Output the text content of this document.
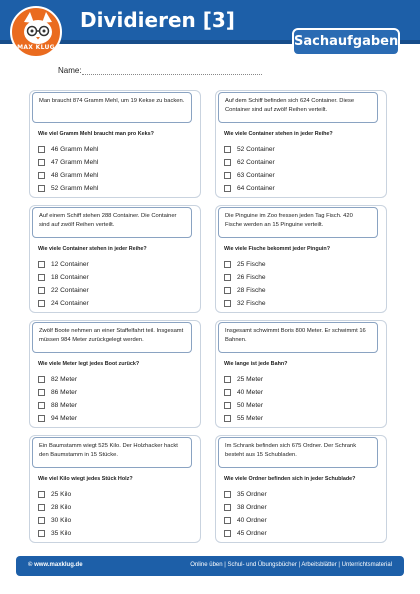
MAX KLUG
Dividieren [3]
Sachaufgaben
Name:
Man braucht 874 Gramm Mehl, um 19 Kekse zu backen.
Wie viel Gramm Mehl braucht man pro Keks?
46 Gramm Mehl
47 Gramm Mehl
48 Gramm Mehl
52 Gramm Mehl
Auf dem Schiff befinden sich 624 Container. Diese Container sind auf zwölf Reihen verteilt.
Wie viele Container stehen in jeder Reihe?
52 Container
62 Container
63 Container
64 Container
Auf einem Schiff stehen 288 Container. Die Container sind auf zwölf Reihen verteilt.
Wie viele Container stehen in jeder Reihe?
12 Container
18 Container
22 Container
24 Container
Die Pinguine im Zoo fressen jeden Tag Fisch. 420 Fische werden an 15 Pinguine verteilt.
Wie viele Fische bekommt jeder Pinguin?
25 Fische
26 Fische
28 Fische
32 Fische
Zwölf Boote nehmen an einer Staffelfahrt teil. Insgesamt müssen 984 Meter zurückgelegt werden.
Wie viele Meter legt jedes Boot zurück?
82 Meter
86 Meter
88 Meter
94 Meter
Insgesamt schwimmt Boris 800 Meter. Er schwimmt 16 Bahnen.
Wie lange ist jede Bahn?
25 Meter
40 Meter
50 Meter
55 Meter
Ein Baumstamm wiegt 525 Kilo. Der Holzhacker hackt den Baumstamm in 15 Stücke.
Wie viel Kilo wiegt jedes Stück Holz?
25 Kilo
28 Kilo
30 Kilo
35 Kilo
Im Schrank befinden sich 675 Ordner. Der Schrank besteht aus 15 Schubladen.
Wie viele Ordner befinden sich in jeder Schublade?
35 Ordner
38 Ordner
40 Ordner
45 Ordner
© www.maxklug.de	Online üben | Schul- und Übungsbücher | Arbeitsblätter | Unterrichtsmaterial
